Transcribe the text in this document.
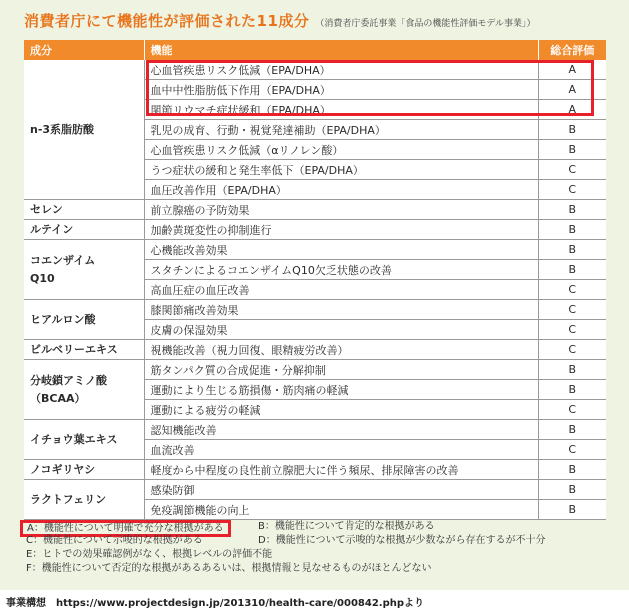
消費者庁にて機能性が評価された11成分 （消費者庁委託事業「食品の機能性評価モデル事業」）
成分	機能	総合評価
n-3系脂肪酸	心血管疾患リスク低減（EPA/DHA）	A
	血中中性脂肪低下作用（EPA/DHA）	A
	関節リウマチ症状緩和（EPA/DHA）	A
	乳児の成育、行動・視覚発達補助（EPA/DHA）	B
	心血管疾患リスク低減（αリノレン酸）	B
	うつ症状の緩和と発生率低下（EPA/DHA）	C
	血圧改善作用（EPA/DHA）	C
セレン	前立腺癌の予防効果	B
ルテイン	加齢黄斑変性の抑制進行	B
コエンザイム
Q10	心機能改善効果	B
	スタチンによるコエンザイムQ10欠乏状態の改善	B
	高血圧症の血圧改善	C
ヒアルロン酸	膝関節痛改善効果	C
	皮膚の保湿効果	C
ビルベリーエキス	視機能改善（視力回復、眼精疲労改善）	C
分岐鎖アミノ酸
（BCAA）	筋タンパク質の合成促進・分解抑制	B
	運動により生じる筋損傷・筋肉痛の軽減	B
	運動による疲労の軽減	C
イチョウ葉エキス	認知機能改善	B
	血流改善	C
ノコギリヤシ	軽度から中程度の良性前立腺肥大に伴う頻尿、排尿障害の改善	B
ラクトフェリン	感染防御	B
	免疫調節機能の向上	B
A：機能性について明確で充分な根拠がある
C：機能性について示唆的な根拠がある
E：ヒトでの効果確認例がなく、根拠レベルの評価不能
F：機能性について否定的な根拠があるあるいは、根拠情報と見なせるものがほとんどない
B：機能性について肯定的な根拠がある
D：機能性について示唆的な根拠が少数ながら存在するが不十分
事業構想　https://www.projectdesign.jp/201310/health-care/000842.phpより
